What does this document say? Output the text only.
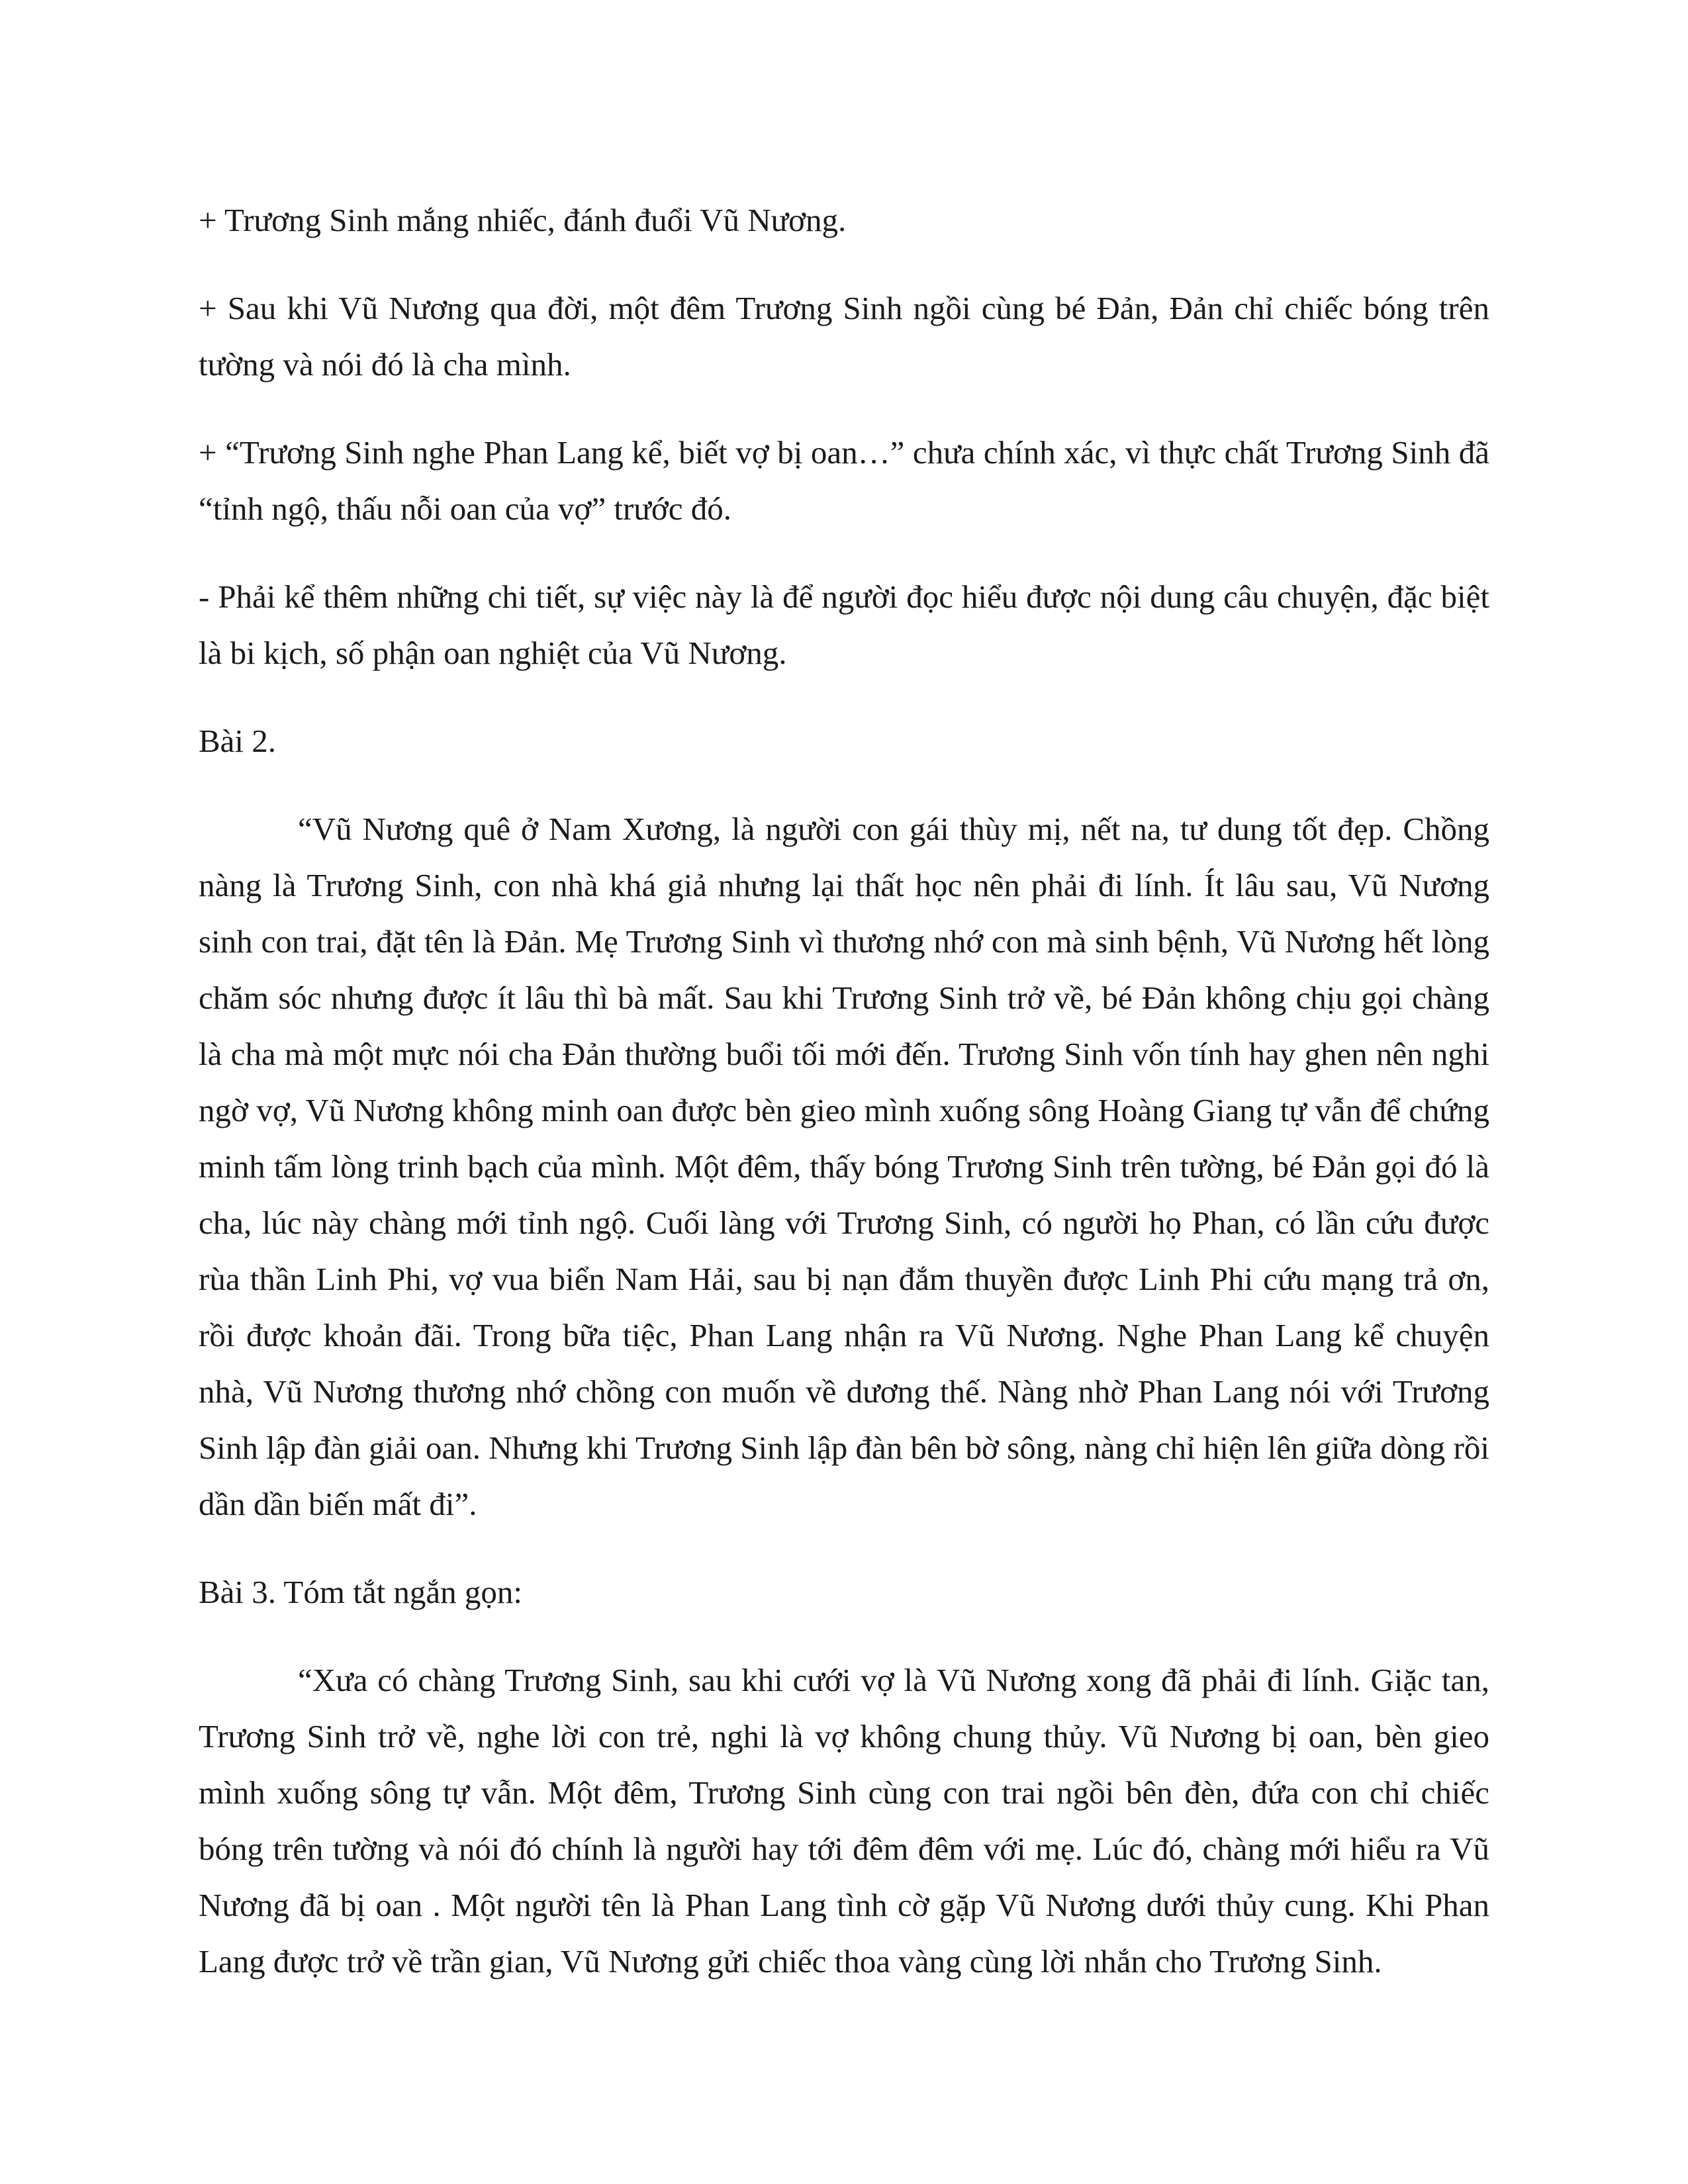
+ Trương Sinh mắng nhiếc, đánh đuổi Vũ Nương.

+ Sau khi Vũ Nương qua đời, một đêm Trương Sinh ngồi cùng bé Đản, Đản chỉ chiếc bóng trên tường và nói đó là cha mình.

+ “Trương Sinh nghe Phan Lang kể, biết vợ bị oan…” chưa chính xác, vì thực chất Trương Sinh đã “tỉnh ngộ, thấu nỗi oan của vợ” trước đó.

- Phải kể thêm những chi tiết, sự việc này là để người đọc hiểu được nội dung câu chuyện, đặc biệt là bi kịch, số phận oan nghiệt của Vũ Nương.

Bài 2.

“Vũ Nương quê ở Nam Xương, là người con gái thùy mị, nết na, tư dung tốt đẹp. Chồng nàng là Trương Sinh, con nhà khá giả nhưng lại thất học nên phải đi lính. Ít lâu sau, Vũ Nương sinh con trai, đặt tên là Đản. Mẹ Trương Sinh vì thương nhớ con mà sinh bệnh, Vũ Nương hết lòng chăm sóc nhưng được ít lâu thì bà mất. Sau khi Trương Sinh trở về, bé Đản không chịu gọi chàng là cha mà một mực nói cha Đản thường buổi tối mới đến. Trương Sinh vốn tính hay ghen nên nghi ngờ vợ, Vũ Nương không minh oan được bèn gieo mình xuống sông Hoàng Giang tự vẫn để chứng minh tấm lòng trinh bạch của mình. Một đêm, thấy bóng Trương Sinh trên tường, bé Đản gọi đó là cha, lúc này chàng mới tỉnh ngộ. Cuối làng với Trương Sinh, có người họ Phan, có lần cứu được rùa thần Linh Phi, vợ vua biển Nam Hải, sau bị nạn đắm thuyền được Linh Phi cứu mạng trả ơn, rồi được khoản đãi. Trong bữa tiệc, Phan Lang nhận ra Vũ Nương. Nghe Phan Lang kể chuyện nhà, Vũ Nương thương nhớ chồng con muốn về dương thế. Nàng nhờ Phan Lang nói với Trương Sinh lập đàn giải oan. Nhưng khi Trương Sinh lập đàn bên bờ sông, nàng chỉ hiện lên giữa dòng rồi dần dần biến mất đi”.

Bài 3. Tóm tắt ngắn gọn:

“Xưa có chàng Trương Sinh, sau khi cưới vợ là Vũ Nương xong đã phải đi lính. Giặc tan, Trương Sinh trở về, nghe lời con trẻ, nghi là vợ không chung thủy. Vũ Nương bị oan, bèn gieo mình xuống sông tự vẫn. Một đêm, Trương Sinh cùng con trai ngồi bên đèn, đứa con chỉ chiếc bóng trên tường và nói đó chính là người hay tới đêm đêm với mẹ. Lúc đó, chàng mới hiểu ra Vũ Nương đã bị oan . Một người tên là Phan Lang tình cờ gặp Vũ Nương dưới thủy cung. Khi Phan Lang được trở về trần gian, Vũ Nương gửi chiếc thoa vàng cùng lời nhắn cho Trương Sinh.
